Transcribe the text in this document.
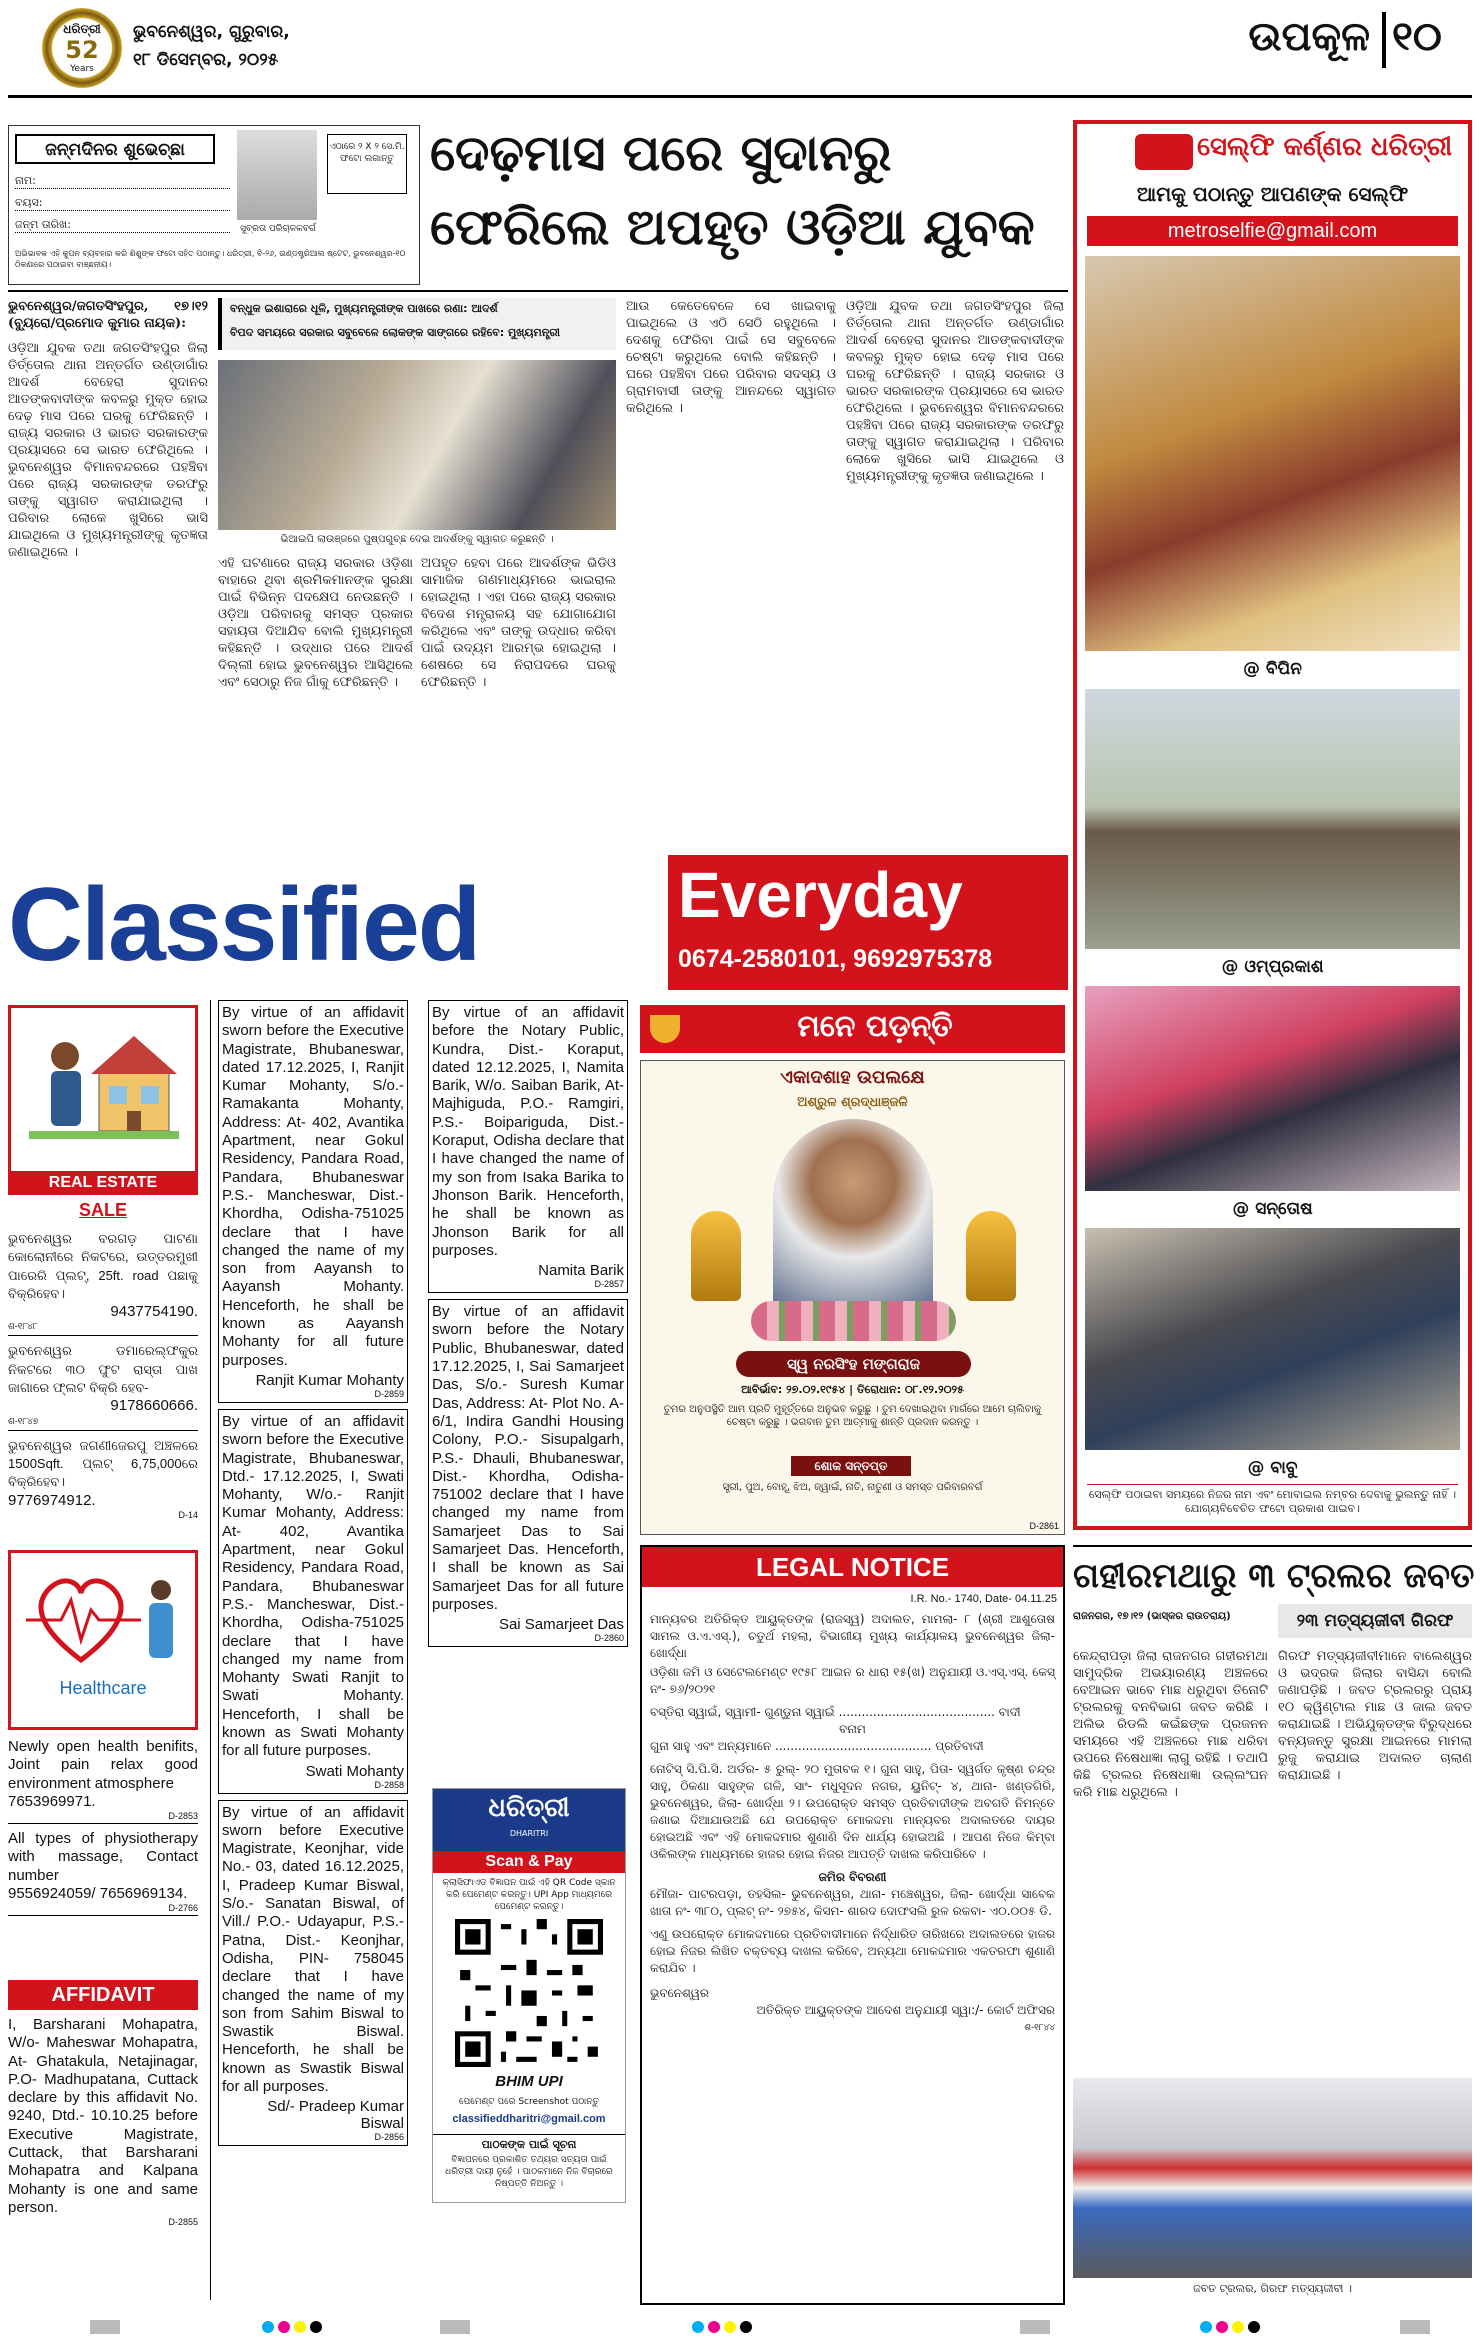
ଧରିତ୍ରୀ
52
Years
ଭୁବନେଶ୍ୱର, ଗୁରୁବାର,
୧୮ ଡିସେମ୍ବର, ୨୦୨୫	ଉପକୂଳ ୧୦
ଜନ୍ମଦିନର ଶୁଭେଚ୍ଛା
ନାମ:
ବୟସ:
ଜନ୍ମ ତାରିଖ:	ସୁବ୍ରତା ପରିଚାଳକବର୍ଗ
ଏଠାରେ ୨ X ୨ ସେ.ମି. ଫଟୋ ଲଗାନ୍ତୁ
ଅଭିଭାବକ ଏହି କୁପନ ବ୍ୟବହାର କରି ଶିଶୁଙ୍କ ଫଟୋ ସହିତ ପଠାନ୍ତୁ। ଧରିତ୍ରୀ, ବି-୨୬, ଇଣ୍ଡଷ୍ଟ୍ରିଆଲ ଷ୍ଟେଟ, ଭୁବନେଶ୍ୱର-୧୦ ଠିକଣାରେ ପଠାଇବା ବାଞ୍ଛନୀୟ।
ଦେଢ଼ମାସ ପରେ ସୁଦାନରୁ
ଫେରିଲେ ଅପହୃତ ଓଡ଼ିଆ ଯୁବକ
ଭୁବନେଶ୍ୱର/ଜଗତସିଂହପୁର, ୧୭।୧୨ (ବ୍ୟୁରୋ/ପ୍ରମୋଦ କୁମାର ନାୟକ):
ଓଡ଼ିଆ ଯୁବକ ତଥା ଜଗତସିଂହପୁର ଜିଲା ତିର୍ତ୍ତୋଲ ଥାନା ଅନ୍ତର୍ଗତ ଉଣ୍ଡାଗାଁର ଆଦର୍ଶ ବେହେରା ସୁଦାନର ଆତଙ୍କବାଦୀଙ୍କ କବଳରୁ ମୁକ୍ତ ହୋଇ ଦେଢ଼ ମାସ ପରେ ଘରକୁ ଫେରିଛନ୍ତି । ରାଜ୍ୟ ସରକାର ଓ ଭାରତ ସରକାରଙ୍କ ପ୍ରୟାସରେ ସେ ଭାରତ ଫେରିଥିଲେ । ଭୁବନେଶ୍ୱର ବିମାନବନ୍ଦରରେ ପହଞ୍ଚିବା ପରେ ରାଜ୍ୟ ସରକାରଙ୍କ ତରଫରୁ ତାଙ୍କୁ ସ୍ୱାଗତ କରାଯାଇଥିଲା । ପରିବାର ଲୋକେ ଖୁସିରେ ଭାସି ଯାଇଥିଲେ ଓ ମୁଖ୍ୟମନ୍ତ୍ରୀଙ୍କୁ କୃତଜ୍ଞତା ଜଣାଇଥିଲେ ।
ବନ୍ଧୁକ ଇଶାରାରେ ଧୂଳି, ମୁଖ୍ୟମନ୍ତ୍ରୀଙ୍କ ପାଖରେ ରଣା: ଆଦର୍ଶ
ବିପଦ ସମୟରେ ସରକାର ସବୁବେଳେ ଲୋକଙ୍କ ସାଙ୍ଗରେ ରହିବେ: ମୁଖ୍ୟମନ୍ତ୍ରୀ
ଭିଆଇପି ଲାଉଞ୍ଜରେ ପୁଷ୍ପଗୁଚ୍ଛ ଦେଇ ଆଦର୍ଶଙ୍କୁ ସ୍ୱାଗତ କରୁଛନ୍ତି ।
ଏହି ଘଟଣାରେ ରାଜ୍ୟ ସରକାର ଓଡ଼ିଶା ବାହାରେ ଥିବା ଶ୍ରମିକମାନଙ୍କ ସୁରକ୍ଷା ପାଇଁ ବିଭିନ୍ନ ପଦକ୍ଷେପ ନେଉଛନ୍ତି । ଓଡ଼ିଆ ପରିବାରକୁ ସମସ୍ତ ପ୍ରକାର ସହାୟତା ଦିଆଯିବ ବୋଲି ମୁଖ୍ୟମନ୍ତ୍ରୀ କହିଛନ୍ତି । ଉଦ୍ଧାର ପରେ ଆଦର୍ଶ ଦିଲ୍ଲୀ ହୋଇ ଭୁବନେଶ୍ୱର ଆସିଥିଲେ ଏବଂ ସେଠାରୁ ନିଜ ଗାଁକୁ ଫେରିଛନ୍ତି ।
ଅପହୃତ ହେବା ପରେ ଆଦର୍ଶଙ୍କ ଭିଡିଓ ସାମାଜିକ ଗଣମାଧ୍ୟମରେ ଭାଇରାଲ ହୋଇଥିଲା । ଏହା ପରେ ରାଜ୍ୟ ସରକାର ବିଦେଶ ମନ୍ତ୍ରାଳୟ ସହ ଯୋଗାଯୋଗ କରିଥିଲେ ଏବଂ ତାଙ୍କୁ ଉଦ୍ଧାର କରିବା ପାଇଁ ଉଦ୍ୟମ ଆରମ୍ଭ ହୋଇଥିଲା । ଶେଷରେ ସେ ନିରାପଦରେ ଘରକୁ ଫେରିଛନ୍ତି ।
ଆଉ କେତେବେଳେ ସେ ଖାଇବାକୁ ପାଇଥିଲେ ଓ ଏଠି ସେଠି ରହୁଥିଲେ । ଦେଶକୁ ଫେରିବା ପାଇଁ ସେ ସବୁବେଳେ ଚେଷ୍ଟା କରୁଥିଲେ ବୋଲି କହିଛନ୍ତି । ଘରେ ପହଞ୍ଚିବା ପରେ ପରିବାର ସଦସ୍ୟ ଓ ଗ୍ରାମବାସୀ ତାଙ୍କୁ ଆନନ୍ଦରେ ସ୍ୱାଗତ କରିଥିଲେ ।
ଓଡ଼ିଆ ଯୁବକ ତଥା ଜଗତସିଂହପୁର ଜିଲା ତିର୍ତ୍ତୋଲ ଥାନା ଅନ୍ତର୍ଗତ ଉଣ୍ଡାଗାଁର ଆଦର୍ଶ ବେହେରା ସୁଦାନର ଆତଙ୍କବାଦୀଙ୍କ କବଳରୁ ମୁକ୍ତ ହୋଇ ଦେଢ଼ ମାସ ପରେ ଘରକୁ ଫେରିଛନ୍ତି । ରାଜ୍ୟ ସରକାର ଓ ଭାରତ ସରକାରଙ୍କ ପ୍ରୟାସରେ ସେ ଭାରତ ଫେରିଥିଲେ । ଭୁବନେଶ୍ୱର ବିମାନବନ୍ଦରରେ ପହଞ୍ଚିବା ପରେ ରାଜ୍ୟ ସରକାରଙ୍କ ତରଫରୁ ତାଙ୍କୁ ସ୍ୱାଗତ କରାଯାଇଥିଲା । ପରିବାର ଲୋକେ ଖୁସିରେ ଭାସି ଯାଇଥିଲେ ଓ ମୁଖ୍ୟମନ୍ତ୍ରୀଙ୍କୁ କୃତଜ୍ଞତା ଜଣାଇଥିଲେ ।
ସେଲ୍‌ଫି କର୍ଣ୍ଣର ଧରିତ୍ରୀ
ଆମକୁ ପଠାନ୍ତୁ ଆପଣଙ୍କ ସେଲ୍‌ଫି
metroselfie@gmail.com
@ ବିପିନ
@ ଓମ୍‌ପ୍ରକାଶ
@ ସନ୍ତୋଷ
@ ବାବୁ
ସେଲ୍‌ଫି ପଠାଇବା ସମୟରେ ନିଜର ନାମ ଏବଂ ମୋବାଇଲ ନମ୍ବର ଦେବାକୁ ଭୁଲନ୍ତୁ ନାହିଁ । ଯୋଗ୍ୟବିବେଚିତ ଫଟୋ ପ୍ରକାଶ ପାଇବ।
Classified	Everyday
0674-2580101, 9692975378
REAL ESTATE
SALE
ଭୁବନେଶ୍ୱର ବରଗଡ଼ ପାଟଣା କୋଲୋନୀରେ ନିକଟରେ, ଉତ୍ତରମୁଖୀ ପାରେରି ପ୍ଲଟ୍, 25ft. road ପଛାକୁ ବିକ୍ରିହେବ।
9437754190.
ଶ-୧୮୪୮
ଭୁବନେଶ୍ୱର ଡମାରେଲ୍ଫକୁର ନିକଟରେ ୩୦ ଫୁଟ ରାସ୍ତା ପାଖ ଜାଗାରେ ଫ୍ଲଟ ବିକ୍ରି ହେବ-
9178660666.
ଶ-୧୮୪୭
ଭୁବନେଶ୍ୱର ଜଗଣୀଜେରପୁ ଅଞ୍ଚଳରେ 1500Sqft. ପ୍ଲଟ୍ 6,75,000ରେ ବିକ୍ରିହେବ।
9776974912.
D-14
Healthcare
Newly open health benifits, Joint pain relax good environment atmosphere
7653969971.
D-2853
All types of physiotherapy with massage, Contact number
9556924059/ 7656969134.
D-2766
AFFIDAVIT
I, Barsharani Mohapatra, W/o- Maheswar Mohapatra, At- Ghatakula, Netajinagar, P.O- Madhupatana, Cuttack declare by this affidavit No. 9240, Dtd.- 10.10.25 before Executive Magistrate, Cuttack, that Barsharani Mohapatra and Kalpana Mohanty is one and same person.
D-2855
By virtue of an affidavit sworn before the Executive Magistrate, Bhubaneswar, dated 17.12.2025, I, Ranjit Kumar Mohanty, S/o.- Ramakanta Mohanty, Address: At- 402, Avantika Apartment, near Gokul Residency, Pandara Road, Pandara, Bhubaneswar P.S.- Mancheswar, Dist.- Khordha, Odisha-751025 declare that I have changed the name of my son from Aayansh to Aayansh Mohanty. Henceforth, he shall be known as Aayansh Mohanty for all future purposes.
Ranjit Kumar Mohanty
D-2859
By virtue of an affidavit sworn before the Executive Magistrate, Bhubaneswar, Dtd.- 17.12.2025, I, Swati Mohanty, W/o.- Ranjit Kumar Mohanty, Address: At- 402, Avantika Apartment, near Gokul Residency, Pandara Road, Pandara, Bhubaneswar P.S.- Mancheswar, Dist.- Khordha, Odisha-751025 declare that I have changed my name from Mohanty Swati Ranjit to Swati Mohanty. Henceforth, I shall be known as Swati Mohanty for all future purposes.
Swati Mohanty
D-2858
By virtue of an affidavit sworn before Executive Magistrate, Keonjhar, vide No.- 03, dated 16.12.2025, I, Pradeep Kumar Biswal, S/o.- Sanatan Biswal, of Vill./ P.O.- Udayapur, P.S.- Patna, Dist.- Keonjhar, Odisha, PIN- 758045 declare that I have changed the name of my son from Sahim Biswal to Swastik Biswal. Henceforth, he shall be known as Swastik Biswal for all purposes.
Sd/- Pradeep Kumar Biswal
D-2856
By virtue of an affidavit before the Notary Public, Kundra, Dist.- Koraput, dated 12.12.2025, I, Namita Barik, W/o. Saiban Barik, At- Majhiguda, P.O.- Ramgiri, P.S.- Boipariguda, Dist.- Koraput, Odisha declare that I have changed the name of my son from Isaka Barika to Jhonson Barik. Henceforth, he shall be known as Jhonson Barik for all purposes.
Namita Barik
D-2857
By virtue of an affidavit sworn before the Notary Public, Bhubaneswar, dated 17.12.2025, I, Sai Samarjeet Das, S/o.- Suresh Kumar Das, Address: At- Plot No. A-6/1, Indira Gandhi Housing Colony, P.O.- Sisupalgarh, P.S.- Dhauli, Bhubaneswar, Dist.- Khordha, Odisha-751002 declare that I have changed my name from Samarjeet Das to Sai Samarjeet Das. Henceforth, I shall be known as Sai Samarjeet Das for all future purposes.
Sai Samarjeet Das
D-2860
ଧରିତ୍ରୀ
DHARITRI
Scan & Pay
କ୍ଲାସିଫାଏଡ ବିଜ୍ଞାପନ ପାଇଁ ଏହି QR Code ସ୍କାନ କରି ପେମେଣ୍ଟ କରନ୍ତୁ। UPI App ମାଧ୍ୟମରେ ପେମେଣ୍ଟ କରନ୍ତୁ।
BHIM UPI
ପେମେଣ୍ଟ ପରେ Screenshot ପଠାନ୍ତୁ
classifieddharitri@gmail.com
ପାଠକଙ୍କ ପାଇଁ ସୂଚନା
ବିଜ୍ଞାପନରେ ପ୍ରକାଶିତ ତଥ୍ୟର ସତ୍ୟତା ପାଇଁ ଧରିତ୍ରୀ ଦାୟୀ ନୁହେଁ । ପାଠକମାନେ ନିଜ ବିଚାରରେ ନିଷ୍ପତ୍ତି ନିଅନ୍ତୁ ।
ମନେ ପଡ଼ନ୍ତି
ଏକାଦଶାହ ଉପଲକ୍ଷେ
ଅଶ୍ରୁଳ ଶ୍ରଦ୍ଧାଞ୍ଜଳି
ସ୍ୱ ନରସିଂହ ମଙ୍ଗରାଜ
ଆବିର୍ଭାବ: ୨୭.୦୨.୧୯୫୪ | ତିରୋଧାନ: ୦୮.୧୨.୨୦୨୫
ତୁମର ଅନୁପସ୍ଥିତି ଆମ ପ୍ରତି ମୁହୂର୍ତ୍ତରେ ଅନୁଭବ କରୁଛୁ । ତୁମ ଦେଖାଇଥିବା ମାର୍ଗରେ ଆମେ ଚାଲିବାକୁ ଚେଷ୍ଟା କରୁଛୁ । ଭଗବାନ ତୁମ ଆତ୍ମାକୁ ଶାନ୍ତି ପ୍ରଦାନ କରନ୍ତୁ ।
ଶୋକ ସନ୍ତପ୍ତ
ସ୍ତ୍ରୀ, ପୁଅ, ବୋହୂ, ଝିଅ, ଜ୍ୱାଇଁ, ନାତି, ନାତୁଣୀ ଓ ସମସ୍ତ ପରିବାରବର୍ଗ
D-2861
LEGAL NOTICE
I.R. No.- 1740, Date- 04.11.25
ମାନ୍ୟବର ଅତିରିକ୍ତ ଆୟୁକ୍ତଙ୍କ (ରାଜସ୍ୱ) ଅଦାଲତ, ମାମଲା- ୮ (ଶ୍ରୀ ଆଶୁତୋଷ ସାମଲ ଓ.ଏ.ଏସ୍.), ଚତୁର୍ଥ ମହଲା, ବିଭାଗୀୟ ମୁଖ୍ୟ କାର୍ଯ୍ୟାଳୟ ଭୁବନେଶ୍ୱର ଜିଲା-ଖୋର୍ଦ୍ଧା
ଓଡ଼ିଶା ଜମି ଓ ସେଟେଲମେଣ୍ଟ ୧୯୫୮ ଆଇନ ର ଧାରା ୧୫(ଖ) ଅନୁଯାୟୀ ଓ.ଏସ୍.ଏସ୍. କେସ୍ ନଂ- ୭୬/୨୦୨୧
ବସ୍ତିରା ସ୍ୱାଇଁ, ସ୍ୱାମୀ- ଗୁଣ୍ଡୁନା ସ୍ୱାଇଁ ......................................... ବାଦୀ
ବନାମ
ଗୁନା ସାହୁ ଏବଂ ଅନ୍ୟମାନେ ......................................... ପ୍ରତିବାଦୀ
ନୋଟିସ୍ ସି.ପି.ସି. ଅର୍ଡର- ୫ ରୁଲ୍- ୨୦ ମୁତାବକ ୧। ଗୁନା ସାହୁ, ପିତା- ସ୍ୱର୍ଗତ କୃଷ୍ଣ ଚନ୍ଦ୍ର ସାହୁ, ଠିକଣା ସାହୁଙ୍କ ଗଳି, ସାଂ- ମଧୁସୂଦନ ନଗର, ୟୁନିଟ୍- ୪, ଥାନା- ଖଣ୍ଡଗିରି, ଭୁବନେଶ୍ୱର, ଜିଲା- ଖୋର୍ଦ୍ଧା ୨। ଉପରୋକ୍ତ ସମସ୍ତ ପ୍ରତିବାଦୀଙ୍କ ଅବଗତି ନିମନ୍ତେ ଜଣାଇ ଦିଆଯାଉଅଛି ଯେ ଉପରୋକ୍ତ ମୋକଦ୍ଦମା ମାନ୍ୟବର ଅଦାଲତରେ ଦାୟର ହୋଇଅଛି ଏବଂ ଏହି ମୋକଦ୍ଦମାର ଶୁଣାଣି ଦିନ ଧାର୍ଯ୍ୟ ହୋଇଅଛି । ଆପଣ ନିଜେ କିମ୍ବା ଓକିଲଙ୍କ ମାଧ୍ୟମରେ ହାଜର ହୋଇ ନିଜର ଆପତ୍ତି ଦାଖଲ କରିପାରିବେ ।
ଜମିର ବିବରଣୀ
ମୌଜା- ପାଟରପଡ଼ା, ତହସିଲ- ଭୁବନେଶ୍ୱର, ଥାନା- ମଞ୍ଚେଶ୍ୱର, ଜିଲା- ଖୋର୍ଦ୍ଧା ସାବେକ ଖାତା ନଂ- ୩୮୦, ପ୍ଲଟ୍ ନଂ- ୨୭୫୪, କିସମ- ଶାରଦ ଦୋଫସଲି ରୁଳ ରକବା- ଏ୦.୦୦୫ ଡି.
ଏଣୁ ଉପରୋକ୍ତ ମୋକଦ୍ଦମାରେ ପ୍ରତିବାଦୀମାନେ ନିର୍ଦ୍ଧାରିତ ତାରିଖରେ ଅଦାଲତରେ ହାଜର ହୋଇ ନିଜର ଲିଖିତ ବକ୍ତବ୍ୟ ଦାଖଲ କରିବେ, ଅନ୍ୟଥା ମୋକଦ୍ଦମାର ଏକତରଫା ଶୁଣାଣି କରାଯିବ ।
ଭୁବନେଶ୍ୱର
ଅତିରିକ୍ତ ଆୟୁକ୍ତଙ୍କ ଆଦେଶ ଅନୁଯାୟୀ ସ୍ୱା:/- କୋର୍ଟ ଅଫିସର
ଶ-୧୮୪୪
ଗହୀରମଥାରୁ ୩ ଟ୍ରଲର ଜବତ
ରାଜନଗର, ୧୭।୧୨ (ଭାସ୍କର ରାଉତରାୟ)	୨୩ ମତ୍ସ୍ୟଜୀବୀ ଗିରଫ
କେନ୍ଦ୍ରାପଡ଼ା ଜିଲା ରାଜନଗର ଗହୀରମଥା ସାମୁଦ୍ରିକ ଅଭୟାରଣ୍ୟ ଅଞ୍ଚଳରେ ବେଆଇନ ଭାବେ ମାଛ ଧରୁଥିବା ତିନୋଟି ଟ୍ରଲରକୁ ବନବିଭାଗ ଜବତ କରିଛି । ଅଲିଭ ରିଡଲି କଇଁଛଙ୍କ ପ୍ରଜନନ ସମୟରେ ଏହି ଅଞ୍ଚଳରେ ମାଛ ଧରିବା ଉପରେ ନିଷେଧାଜ୍ଞା ଲାଗୁ ରହିଛି । ତଥାପି କିଛି ଟ୍ରଲର ନିଷେଧାଜ୍ଞା ଉଲ୍ଲଂଘନ କରି ମାଛ ଧରୁଥିଲେ ।
ଗିରଫ ମତ୍ସ୍ୟଜୀବୀମାନେ ବାଲେଶ୍ୱର ଓ ଭଦ୍ରକ ଜିଲାର ବାସିନ୍ଦା ବୋଲି ଜଣାପଡ଼ିଛି । ଜବତ ଟ୍ରଲରରୁ ପ୍ରାୟ ୧୦ କ୍ୱିଣ୍ଟାଲ ମାଛ ଓ ଜାଲ ଜବତ କରାଯାଇଛି । ଅଭିଯୁକ୍ତଙ୍କ ବିରୁଦ୍ଧରେ ବନ୍ୟଜନ୍ତୁ ସୁରକ୍ଷା ଆଇନରେ ମାମଲା ରୁଜୁ କରାଯାଇ ଅଦାଲତ ଚାଲାଣ କରାଯାଇଛି ।
ଜବତ ଟ୍ରଲର, ଗିରଫ ମତ୍ସ୍ୟଜୀବୀ ।
